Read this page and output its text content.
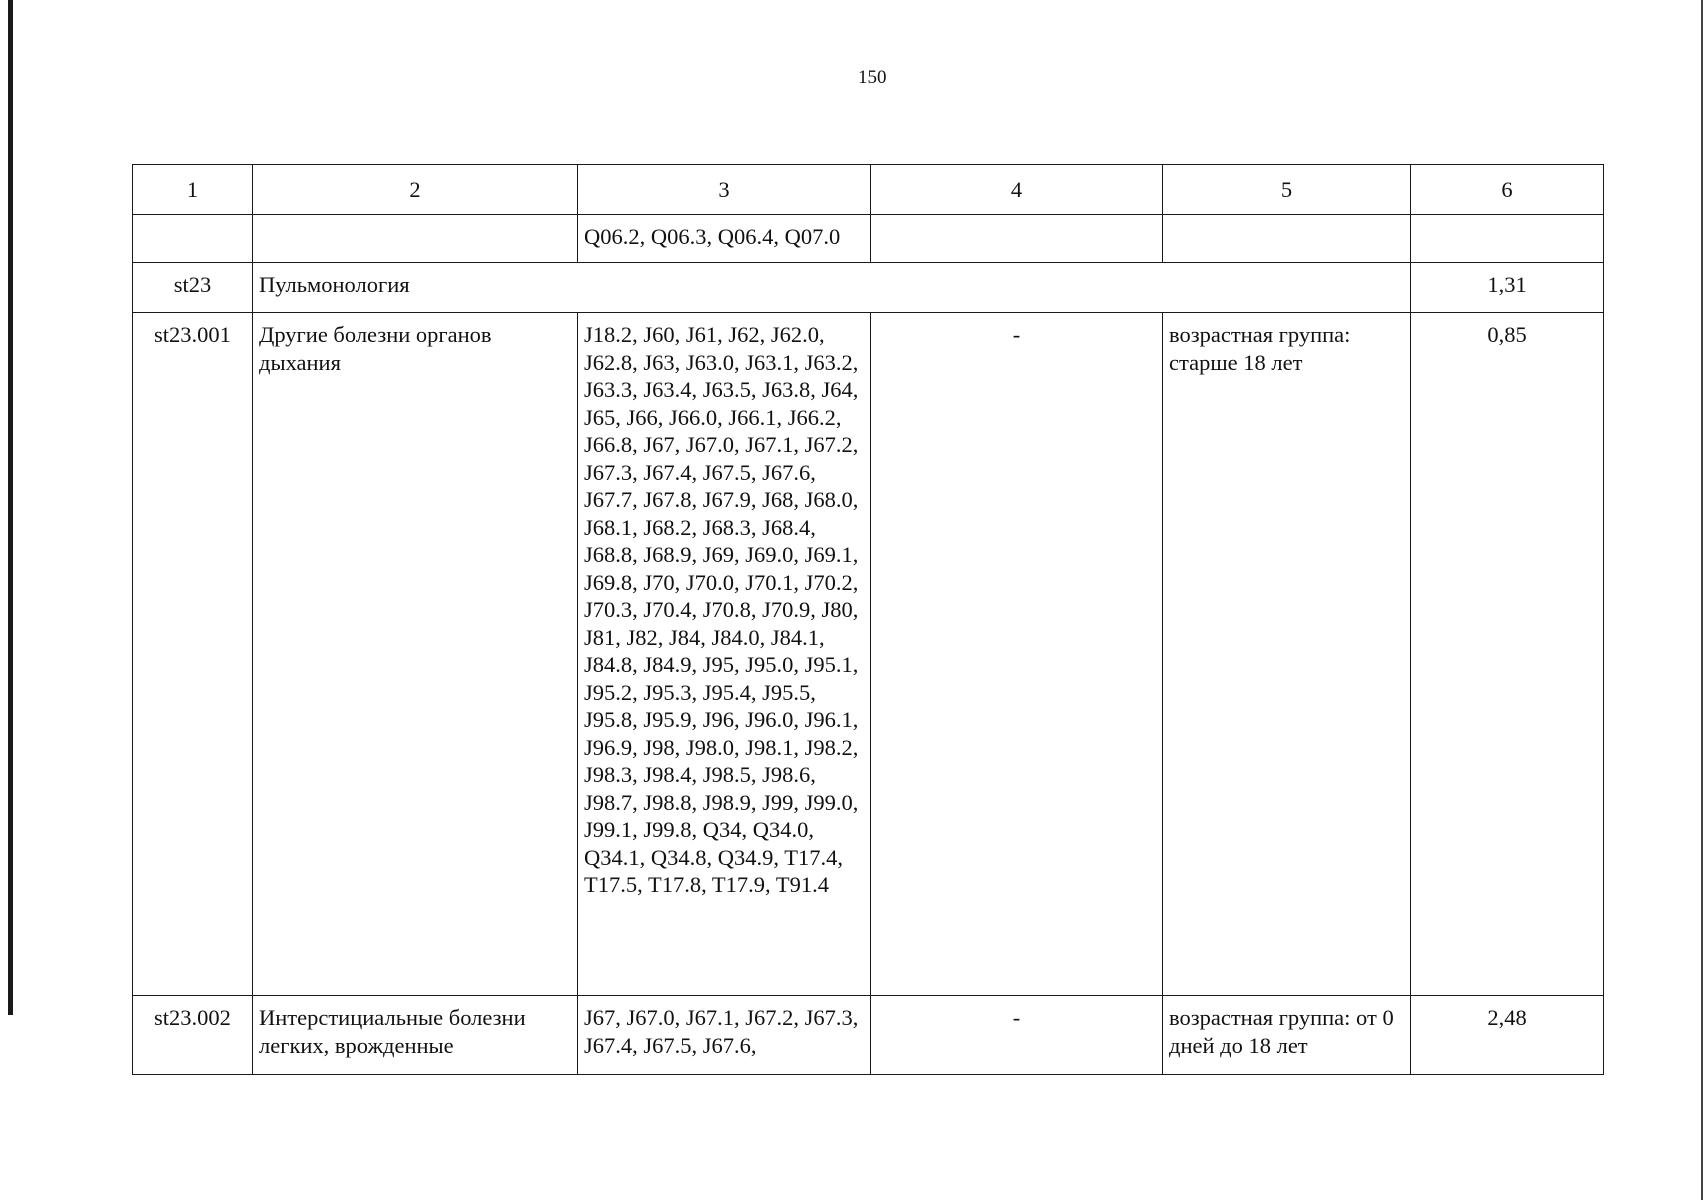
150
1	2	3	4	5	6
		Q06.2, Q06.3, Q06.4, Q07.0			
st23	Пульмонология				1,31
st23.001	Другие болезни органов дыхания	J18.2, J60, J61, J62, J62.0, J62.8, J63, J63.0, J63.1, J63.2, J63.3, J63.4, J63.5, J63.8, J64, J65, J66, J66.0, J66.1, J66.2, J66.8, J67, J67.0, J67.1, J67.2, J67.3, J67.4, J67.5, J67.6, J67.7, J67.8, J67.9, J68, J68.0, J68.1, J68.2, J68.3, J68.4, J68.8, J68.9, J69, J69.0, J69.1, J69.8, J70, J70.0, J70.1, J70.2, J70.3, J70.4, J70.8, J70.9, J80, J81, J82, J84, J84.0, J84.1, J84.8, J84.9, J95, J95.0, J95.1, J95.2, J95.3, J95.4, J95.5, J95.8, J95.9, J96, J96.0, J96.1, J96.9, J98, J98.0, J98.1, J98.2, J98.3, J98.4, J98.5, J98.6, J98.7, J98.8, J98.9, J99, J99.0, J99.1, J99.8, Q34, Q34.0, Q34.1, Q34.8, Q34.9, T17.4, T17.5, T17.8, T17.9, T91.4	-	возрастная группа: старше 18 лет	0,85
st23.002	Интерстициальные болезни легких, врожденные	J67, J67.0, J67.1, J67.2, J67.3, J67.4, J67.5, J67.6,	-	возрастная группа: от 0 дней до 18 лет	2,48
